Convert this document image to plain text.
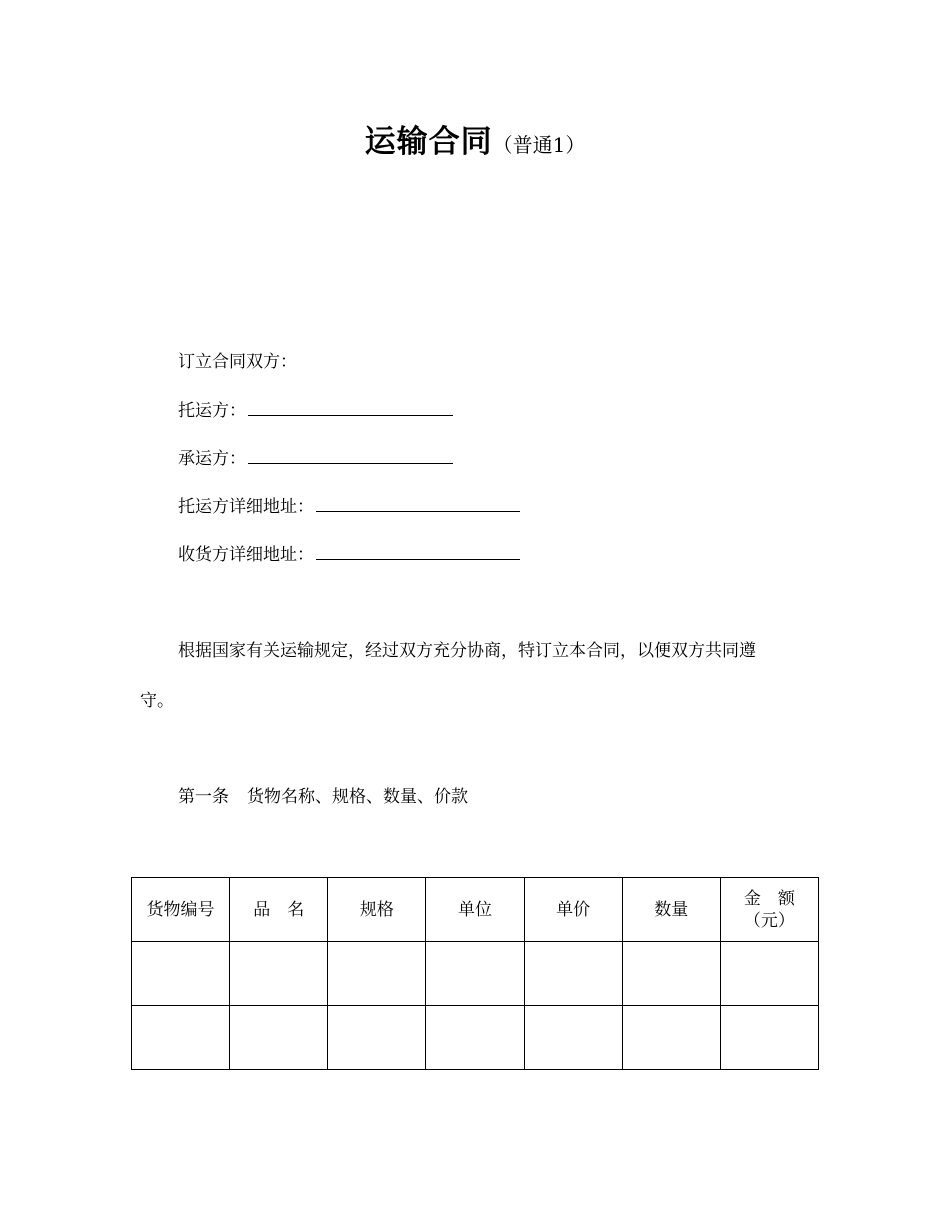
运输合同（普通1）
订立合同双方：
托运方：
承运方：
托运方详细地址：
收货方详细地址：
根据国家有关运输规定，经过双方充分协商，特订立本合同，以便双方共同遵
守。
第一条 货物名称、规格、数量、价款
货物编号	品　名	规格	单位	单价	数量	金　额
（元）
